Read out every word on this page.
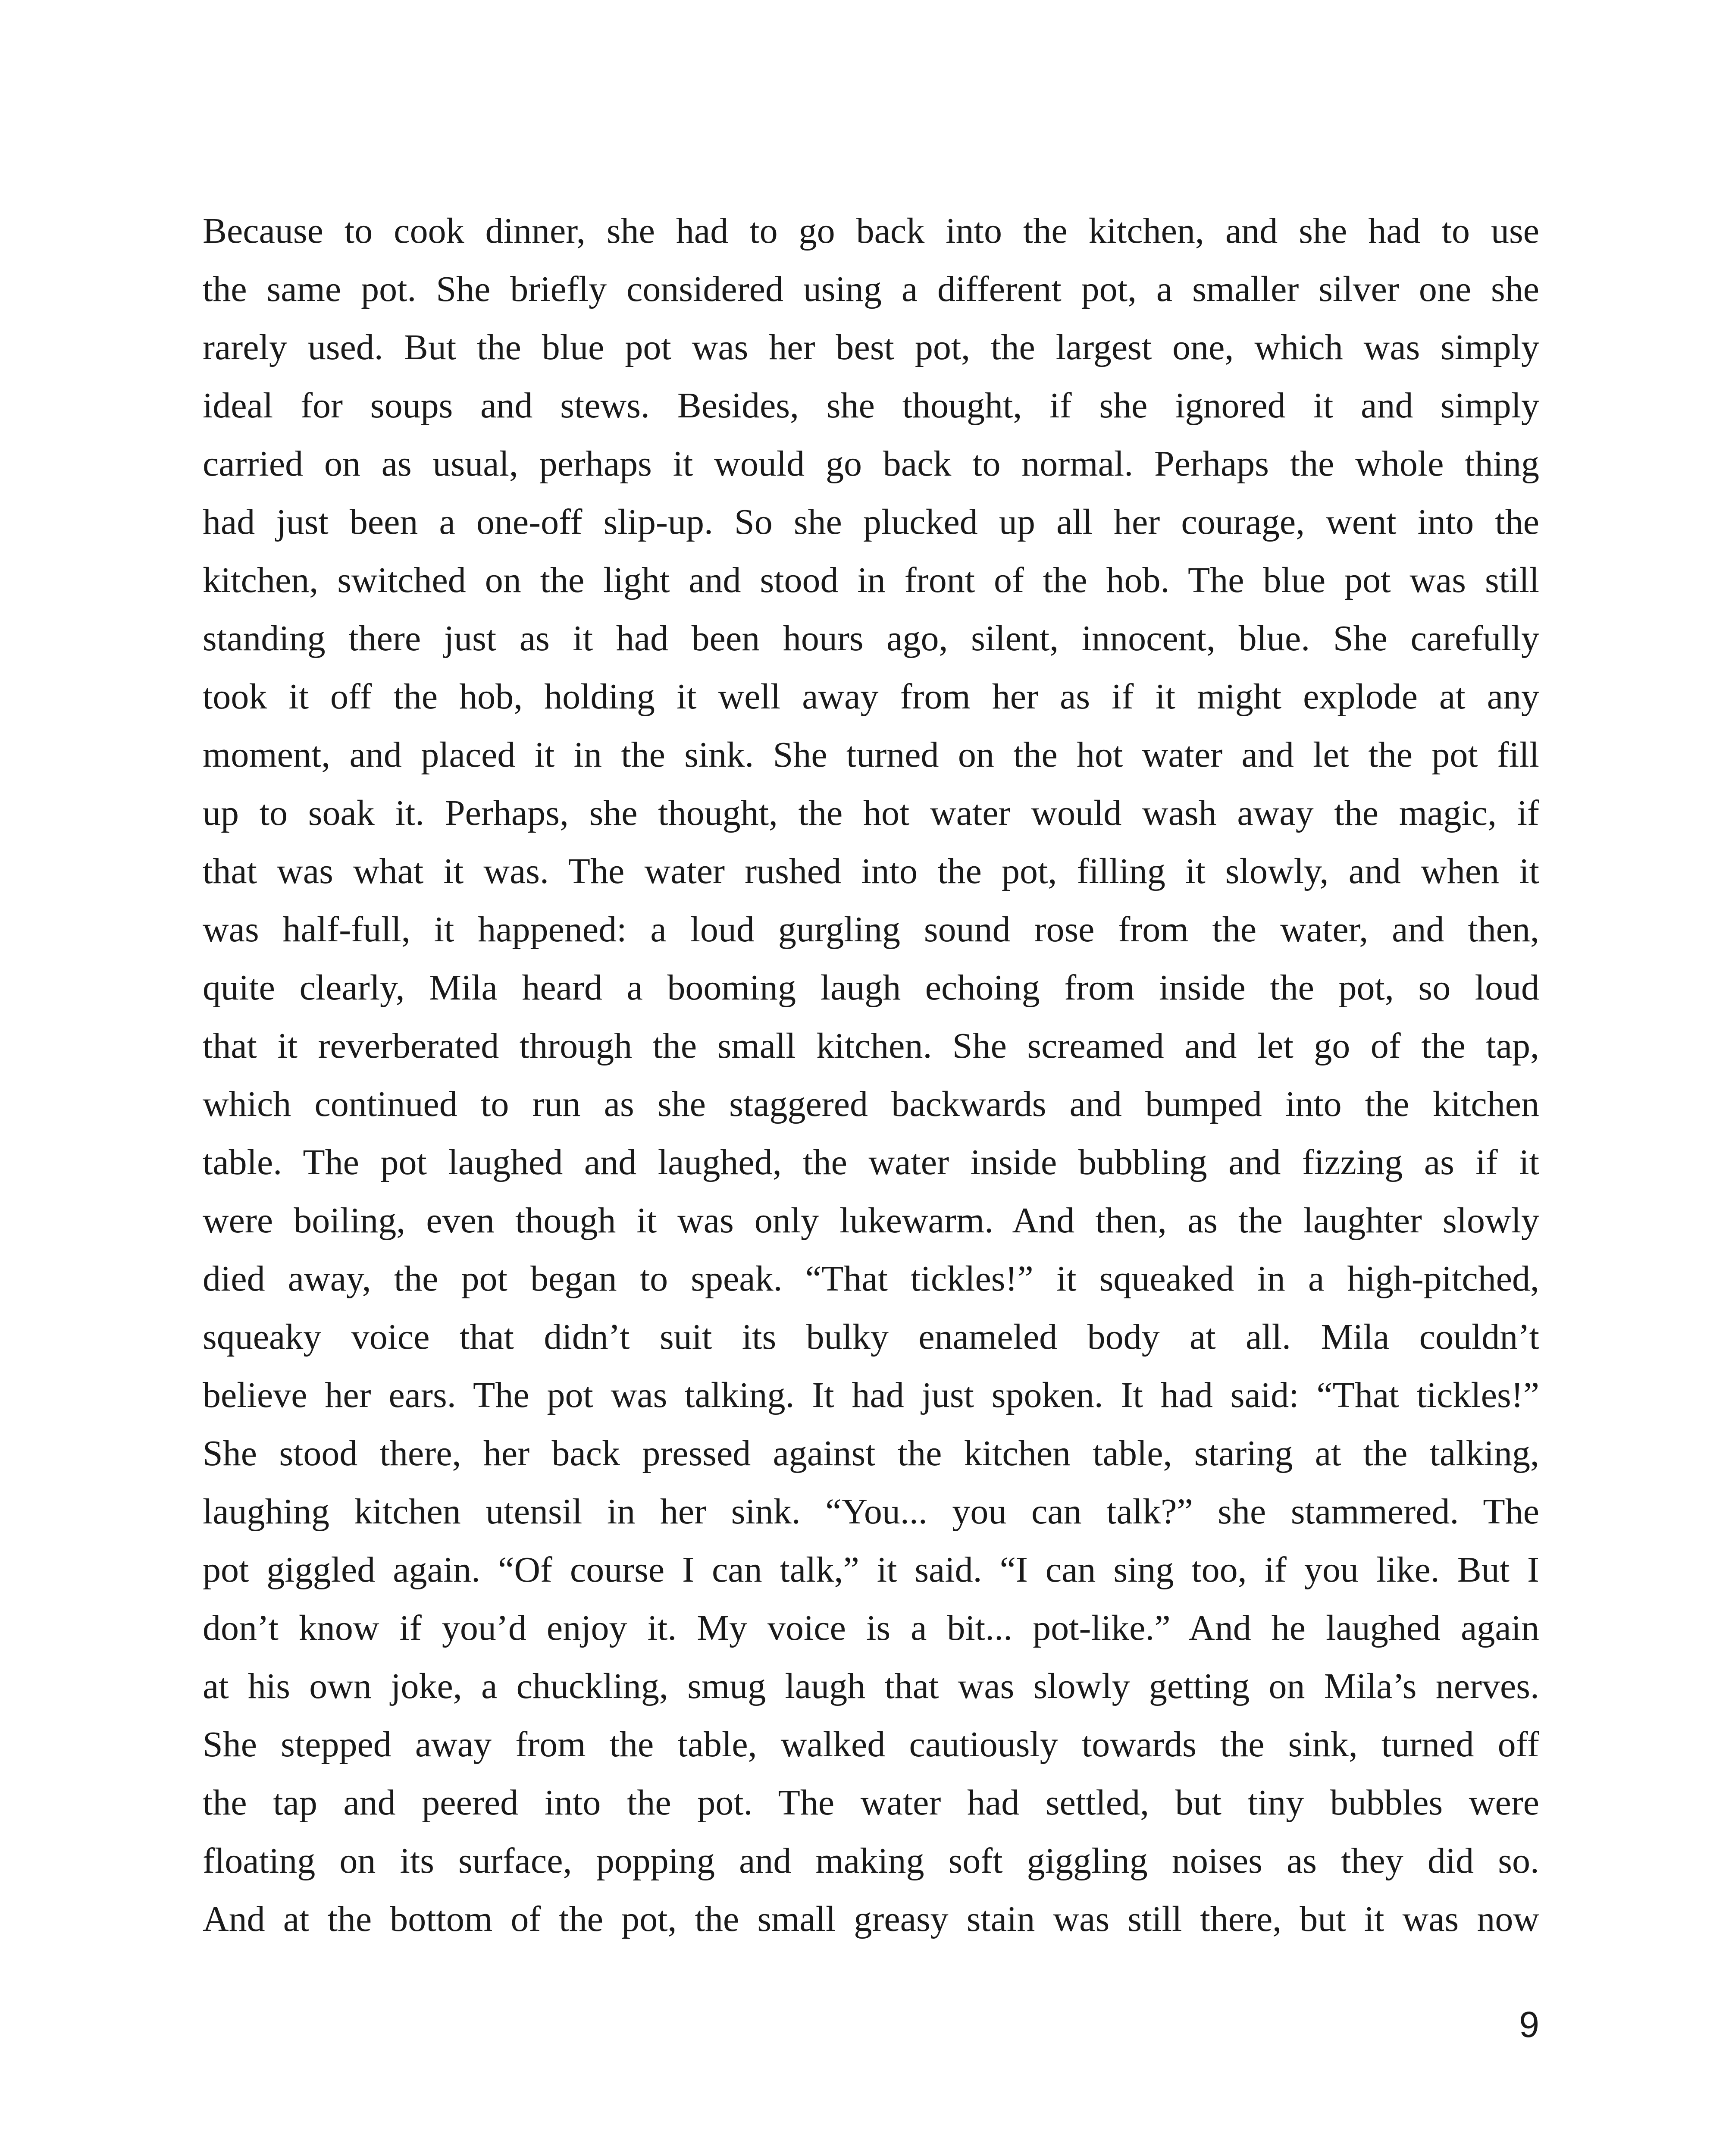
Because to cook dinner, she had to go back into the kitchen, and she had to use
the same pot. She briefly considered using a different pot, a smaller silver one she
rarely used. But the blue pot was her best pot, the largest one, which was simply
ideal for soups and stews. Besides, she thought, if she ignored it and simply
carried on as usual, perhaps it would go back to normal. Perhaps the whole thing
had just been a one-off slip-up. So she plucked up all her courage, went into the
kitchen, switched on the light and stood in front of the hob. The blue pot was still
standing there just as it had been hours ago, silent, innocent, blue. She carefully
took it off the hob, holding it well away from her as if it might explode at any
moment, and placed it in the sink. She turned on the hot water and let the pot fill
up to soak it. Perhaps, she thought, the hot water would wash away the magic, if
that was what it was. The water rushed into the pot, filling it slowly, and when it
was half-full, it happened: a loud gurgling sound rose from the water, and then,
quite clearly, Mila heard a booming laugh echoing from inside the pot, so loud
that it reverberated through the small kitchen. She screamed and let go of the tap,
which continued to run as she staggered backwards and bumped into the kitchen
table. The pot laughed and laughed, the water inside bubbling and fizzing as if it
were boiling, even though it was only lukewarm. And then, as the laughter slowly
died away, the pot began to speak. “That tickles!” it squeaked in a high-pitched,
squeaky voice that didn’t suit its bulky enameled body at all. Mila couldn’t
believe her ears. The pot was talking. It had just spoken. It had said: “That tickles!”
She stood there, her back pressed against the kitchen table, staring at the talking,
laughing kitchen utensil in her sink. “You... you can talk?” she stammered. The
pot giggled again. “Of course I can talk,” it said. “I can sing too, if you like. But I
don’t know if you’d enjoy it. My voice is a bit... pot-like.” And he laughed again
at his own joke, a chuckling, smug laugh that was slowly getting on Mila’s nerves.
She stepped away from the table, walked cautiously towards the sink, turned off
the tap and peered into the pot. The water had settled, but tiny bubbles were
floating on its surface, popping and making soft giggling noises as they did so.
And at the bottom of the pot, the small greasy stain was still there, but it was now
9
